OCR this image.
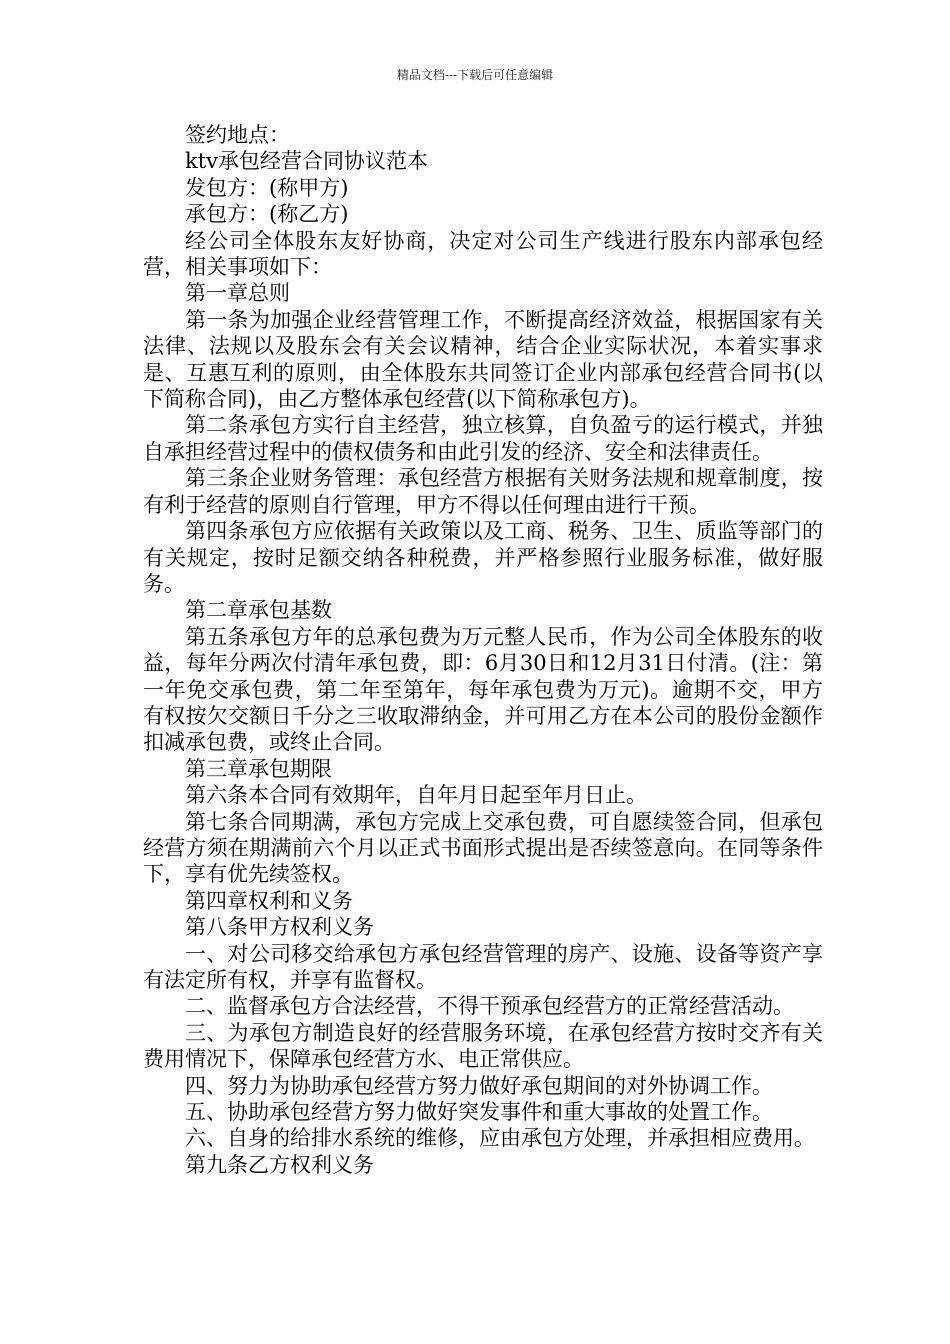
精品文档---下载后可任意编辑

签约地点：

ktv承包经营合同协议范本

发包方：(称甲方)

承包方：(称乙方)

经公司全体股东友好协商，决定对公司生产线进行股东内部承包经营，相关事项如下：

第一章总则

第一条为加强企业经营管理工作，不断提高经济效益，根据国家有关法律、法规以及股东会有关会议精神，结合企业实际状况，本着实事求是、互惠互利的原则，由全体股东共同签订企业内部承包经营合同书(以下简称合同)，由乙方整体承包经营(以下简称承包方)。

第二条承包方实行自主经营，独立核算，自负盈亏的运行模式，并独自承担经营过程中的债权债务和由此引发的经济、安全和法律责任。

第三条企业财务管理：承包经营方根据有关财务法规和规章制度，按有利于经营的原则自行管理，甲方不得以任何理由进行干预。

第四条承包方应依据有关政策以及工商、税务、卫生、质监等部门的有关规定，按时足额交纳各种税费，并严格参照行业服务标准，做好服务。

第二章承包基数

第五条承包方年的总承包费为万元整人民币，作为公司全体股东的收益，每年分两次付清年承包费，即：6月30日和12月31日付清。(注：第一年免交承包费，第二年至第年，每年承包费为万元)。逾期不交，甲方有权按欠交额日千分之三收取滞纳金，并可用乙方在本公司的股份金额作扣减承包费，或终止合同。

第三章承包期限

第六条本合同有效期年，自年月日起至年月日止。

第七条合同期满，承包方完成上交承包费，可自愿续签合同，但承包经营方须在期满前六个月以正式书面形式提出是否续签意向。在同等条件下，享有优先续签权。

第四章权利和义务

第八条甲方权利义务

一、对公司移交给承包方承包经营管理的房产、设施、设备等资产享有法定所有权，并享有监督权。

二、监督承包方合法经营，不得干预承包经营方的正常经营活动。

三、为承包方制造良好的经营服务环境，在承包经营方按时交齐有关费用情况下，保障承包经营方水、电正常供应。

四、努力为协助承包经营方努力做好承包期间的对外协调工作。

五、协助承包经营方努力做好突发事件和重大事故的处置工作。

六、自身的给排水系统的维修，应由承包方处理，并承担相应费用。

第九条乙方权利义务
